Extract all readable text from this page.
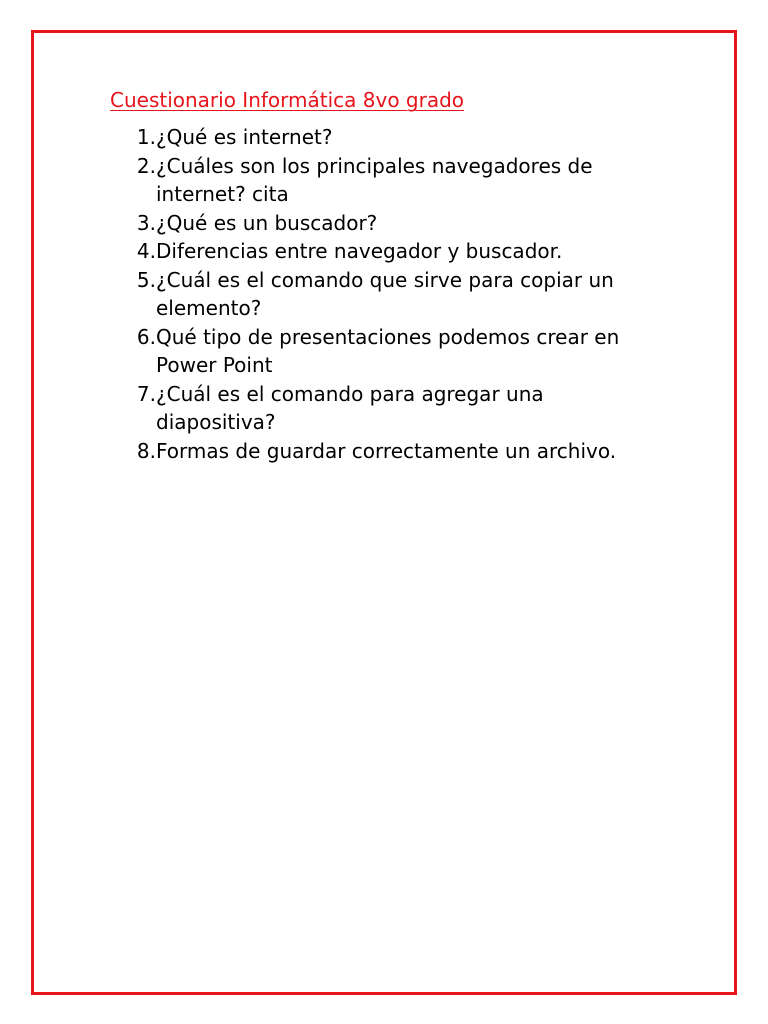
Cuestionario Informática 8vo grado
1. ¿Qué es internet?
2. ¿Cuáles son los principales navegadores de internet? cita
3. ¿Qué es un buscador?
4. Diferencias entre navegador y buscador.
5. ¿Cuál es el comando que sirve para copiar un elemento?
6. Qué tipo de presentaciones podemos crear en Power Point
7. ¿Cuál es el comando para agregar una diapositiva?
8. Formas de guardar correctamente un archivo.
